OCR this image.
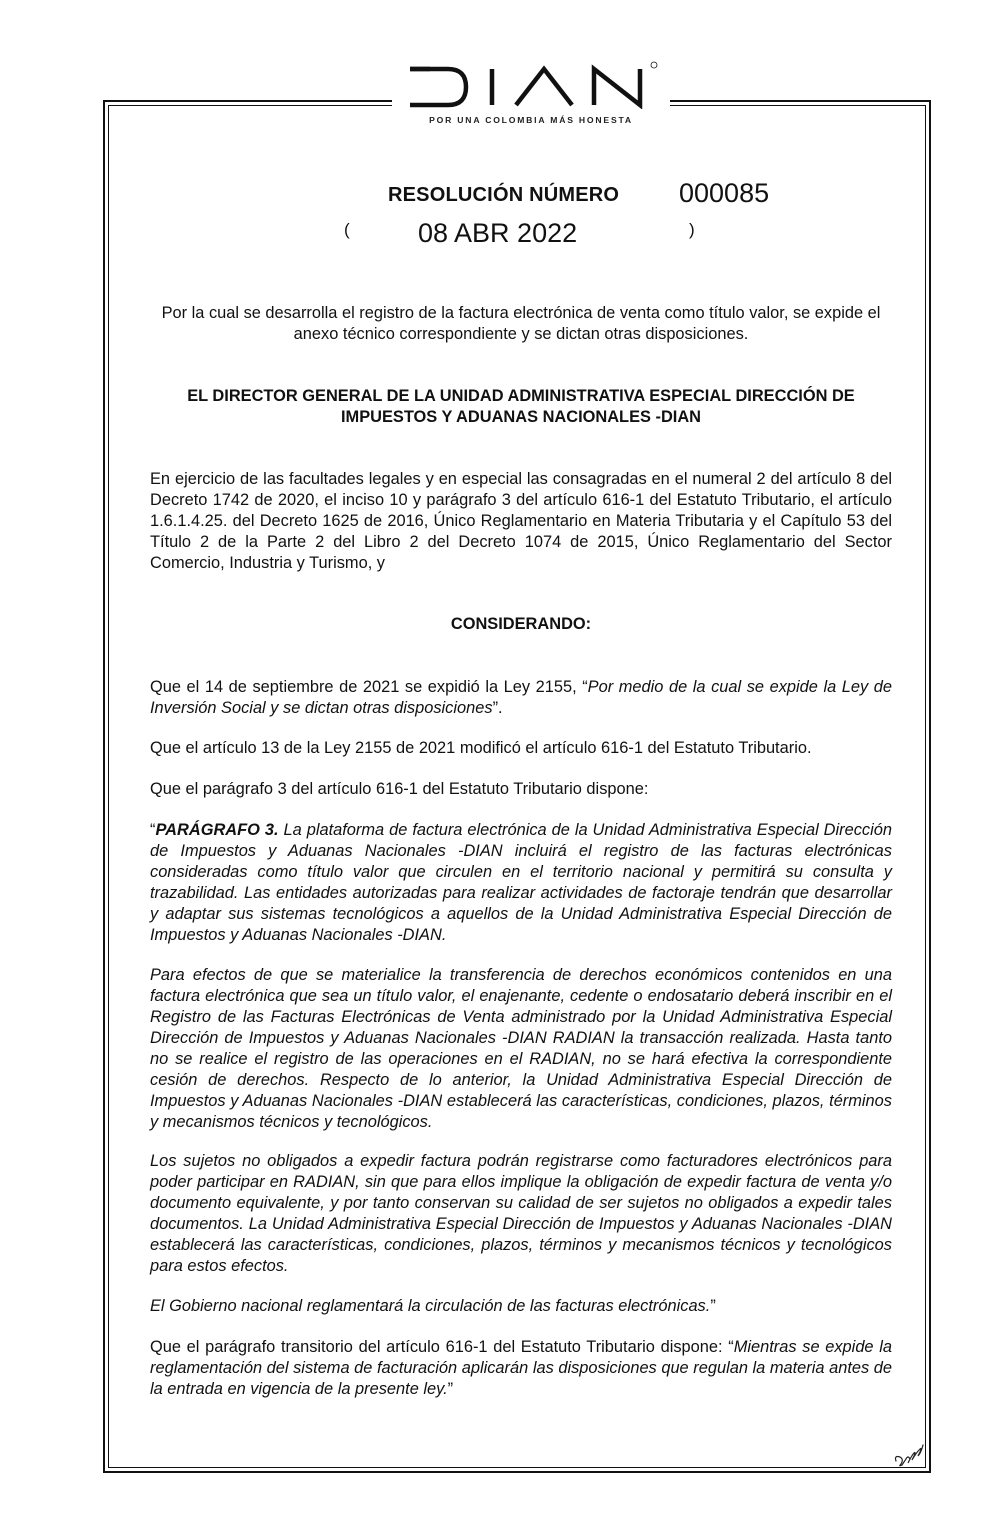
POR UNA COLOMBIA MÁS HONESTA
RESOLUCIÓN NÚMERO 000085
(	08 ABR 2022	)
Por la cual se desarrolla el registro de la factura electrónica de venta como título valor, se expide el anexo técnico correspondiente y se dictan otras disposiciones.
EL DIRECTOR GENERAL DE LA UNIDAD ADMINISTRATIVA ESPECIAL DIRECCIÓN DE
IMPUESTOS Y ADUANAS NACIONALES -DIAN
En ejercicio de las facultades legales y en especial las consagradas en el numeral 2 del artículo 8 del Decreto 1742 de 2020, el inciso 10 y parágrafo 3 del artículo 616-1 del Estatuto Tributario, el artículo 1.6.1.4.25. del Decreto 1625 de 2016, Único Reglamentario en Materia Tributaria y el Capítulo 53 del Título 2 de la Parte 2 del Libro 2 del Decreto 1074 de 2015, Único Reglamentario del Sector Comercio, Industria y Turismo, y
CONSIDERANDO:
Que el 14 de septiembre de 2021 se expidió la Ley 2155, “Por medio de la cual se expide la Ley de Inversión Social y se dictan otras disposiciones”.
Que el artículo 13 de la Ley 2155 de 2021 modificó el artículo 616-1 del Estatuto Tributario.
Que el parágrafo 3 del artículo 616-1 del Estatuto Tributario dispone:
“PARÁGRAFO 3. La plataforma de factura electrónica de la Unidad Administrativa Especial Dirección de Impuestos y Aduanas Nacionales -DIAN incluirá el registro de las facturas electrónicas consideradas como título valor que circulen en el territorio nacional y permitirá su consulta y trazabilidad. Las entidades autorizadas para realizar actividades de factoraje tendrán que desarrollar y adaptar sus sistemas tecnológicos a aquellos de la Unidad Administrativa Especial Dirección de Impuestos y Aduanas Nacionales -DIAN.
Para efectos de que se materialice la transferencia de derechos económicos contenidos en una factura electrónica que sea un título valor, el enajenante, cedente o endosatario deberá inscribir en el Registro de las Facturas Electrónicas de Venta administrado por la Unidad Administrativa Especial Dirección de Impuestos y Aduanas Nacionales -DIAN RADIAN la transacción realizada. Hasta tanto no se realice el registro de las operaciones en el RADIAN, no se hará efectiva la correspondiente cesión de derechos. Respecto de lo anterior, la Unidad Administrativa Especial Dirección de Impuestos y Aduanas Nacionales -DIAN establecerá las características, condiciones, plazos, términos y mecanismos técnicos y tecnológicos.
Los sujetos no obligados a expedir factura podrán registrarse como facturadores electrónicos para poder participar en RADIAN, sin que para ellos implique la obligación de expedir factura de venta y/o documento equivalente, y por tanto conservan su calidad de ser sujetos no obligados a expedir tales documentos. La Unidad Administrativa Especial Dirección de Impuestos y Aduanas Nacionales -DIAN establecerá las características, condiciones, plazos, términos y mecanismos técnicos y tecnológicos para estos efectos.
El Gobierno nacional reglamentará la circulación de las facturas electrónicas.”
Que el parágrafo transitorio del artículo 616-1 del Estatuto Tributario dispone: “Mientras se expide la reglamentación del sistema de facturación aplicarán las disposiciones que regulan la materia antes de la entrada en vigencia de la presente ley.”
